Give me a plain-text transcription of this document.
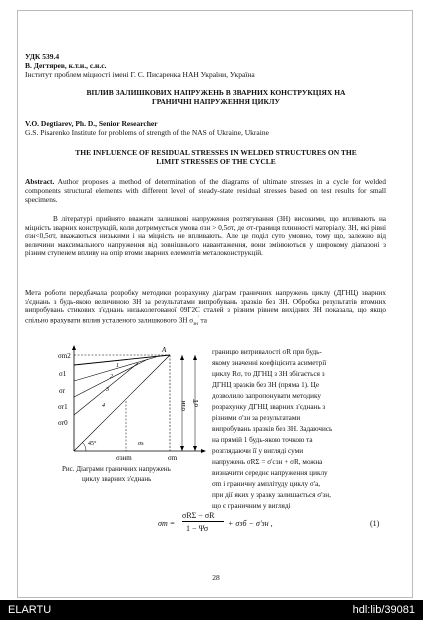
УДК 539.4
В. Дегтярев, к.т.н., с.н.с.
Інститут проблем міцності імені Г. С. Писаренка НАН України, Україна
ВПЛИВ ЗАЛИШКОВИХ НАПРУЖЕНЬ В ЗВАРНИХ КОНСТРУКЦІЯХ НА
ГРАНИЧНІ НАПРУЖЕННЯ ЦИКЛУ
V.O. Degtiarev, Ph. D., Senior Researcher
G.S. Pisarenko Institute for problems of strength of the NAS of Ukraine, Ukraine
THE INFLUENCE OF RESIDUAL STRESSES IN WELDED STRUCTURES ON THE
LIMIT STRESSES OF THE CYCLE
Abstract. Author proposes a method of determination of the diagrams of ultimate stresses in a cycle for welded components structural elements with different level of steady-state residual stresses based on test results for small specimens.
В літературі прийнято вважати залишкові напруження розтягування (ЗН) високими, що впливають на міцність зварних конструкцій, коли дотримується умова σзн > 0,5σт, де σт-границя плинності матеріалу. ЗН, які рівні σзн<0,5σт, вважаються низькими і на міцність не впливають. Але це поділ суто умовно, тому що, залежно від величини максимального напруження від зовнішнього навантаження, вони змінюються у широкому діапазоні з різним ступенем впливу на опір втоми зварних елементів металоконструкцій.
Мета роботи передбачала розробку методики розрахунку діаграм граничних напружень циклу (ДГНЦ) зварних з'єднань з будь-якою величиною ЗН за результатами випробувань зразків без ЗН. Обробка результатів втомних випробувань стикових з'єднань низьколегованої 09Г2С сталей з різним рівнем вихідних ЗН показала, що якщо спільно врахувати вплив усталеного залишкового ЗН $\sigma_{зн}'$ та
σm2
σ1
σr
σr1
σr0
A
45°
1
2
3
4	σзн σT
σs
σзнm	σm
Рис. Діаграми граничних напружень
циклу зварних з'єднань
границю витривалості σR при будь-
якому значенні коефіцієнта асиметрії
циклу Rσ, то ДГНЦ з ЗН збігається з
ДГНЦ зразків без ЗН (пряма 1). Це
дозволило запропонувати методику
розрахунку ДГНЦ зварних з'єднань з
різними σ'зн за результатами
випробувань зразків без ЗН. Задаючись
на прямій 1 будь-якою точкою та
розглядаючи її у вигляді суми
напружень σRΣ = σ'сзн + σR, можна
визначити середнє напруження циклу
σm і граничну амплітуду циклу σ'a,
при дії яких у зразку залишається σ'зн,
що є граничним у вигляді
σm =
σRΣ − σR
1 − Ψσ
+ σзб − σ'зн ,	(1)
28
ELARTU	hdl:lib/39081
